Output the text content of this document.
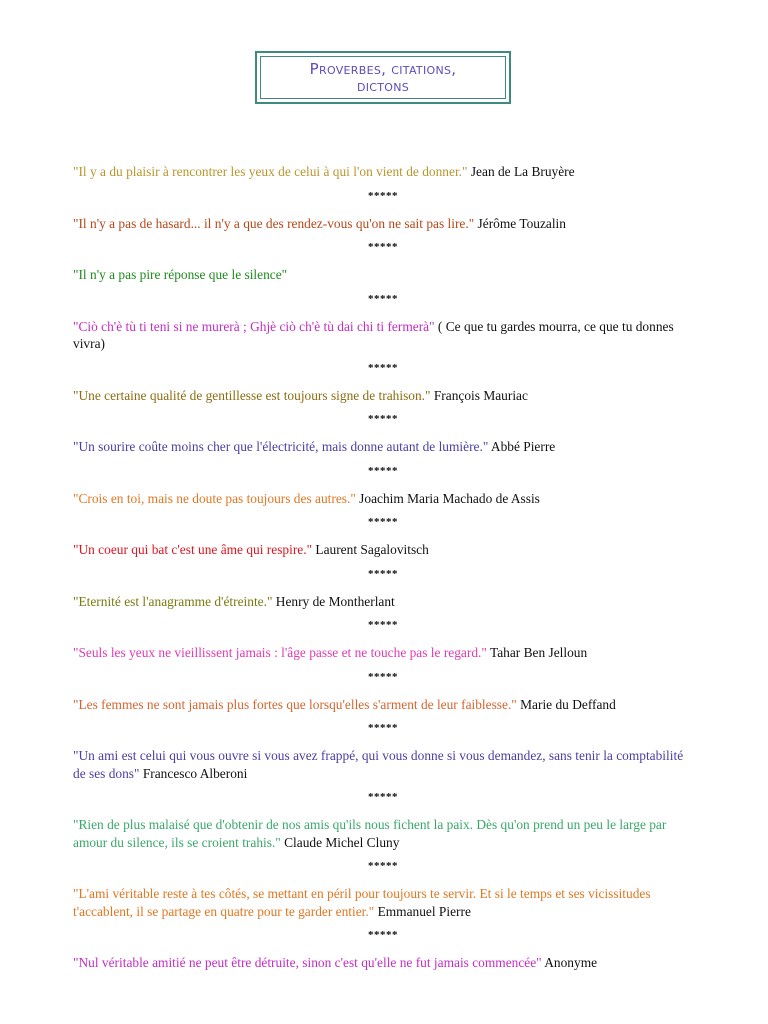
Proverbes, citations,
dictons

"Il y a du plaisir à rencontrer les yeux de celui à qui l'on vient de donner." Jean de La Bruyère

*****

"Il n'y a pas de hasard... il n'y a que des rendez-vous qu'on ne sait pas lire." Jérôme Touzalin

*****

"Il n'y a pas pire réponse que le silence"

*****

"Ciò ch'è tù ti teni si ne murerà ; Ghjè ciò ch'è tù dai chi ti fermerà" ( Ce que tu gardes mourra, ce que tu donnes vivra)

*****

"Une certaine qualité de gentillesse est toujours signe de trahison." François Mauriac

*****

"Un sourire coûte moins cher que l'électricité, mais donne autant de lumière." Abbé Pierre

*****

"Crois en toi, mais ne doute pas toujours des autres." Joachim Maria Machado de Assis

*****

"Un coeur qui bat c'est une âme qui respire." Laurent Sagalovitsch

*****

"Eternité est l'anagramme d'étreinte." Henry de Montherlant

*****

"Seuls les yeux ne vieillissent jamais : l'âge passe et ne touche pas le regard." Tahar Ben Jelloun

*****

"Les femmes ne sont jamais plus fortes que lorsqu'elles s'arment de leur faiblesse." Marie du Deffand

*****

"Un ami est celui qui vous ouvre si vous avez frappé, qui vous donne si vous demandez, sans tenir la comptabilité de ses dons" Francesco Alberoni

*****

"Rien de plus malaisé que d'obtenir de nos amis qu'ils nous fichent la paix. Dès qu'on prend un peu le large par amour du silence, ils se croient trahis." Claude Michel Cluny

*****

"L'ami véritable reste à tes côtés, se mettant en péril pour toujours te servir. Et si le temps et ses vicissitudes t'accablent, il se partage en quatre pour te garder entier." Emmanuel Pierre

*****

"Nul véritable amitié ne peut être détruite, sinon c'est qu'elle ne fut jamais commencée" Anonyme
